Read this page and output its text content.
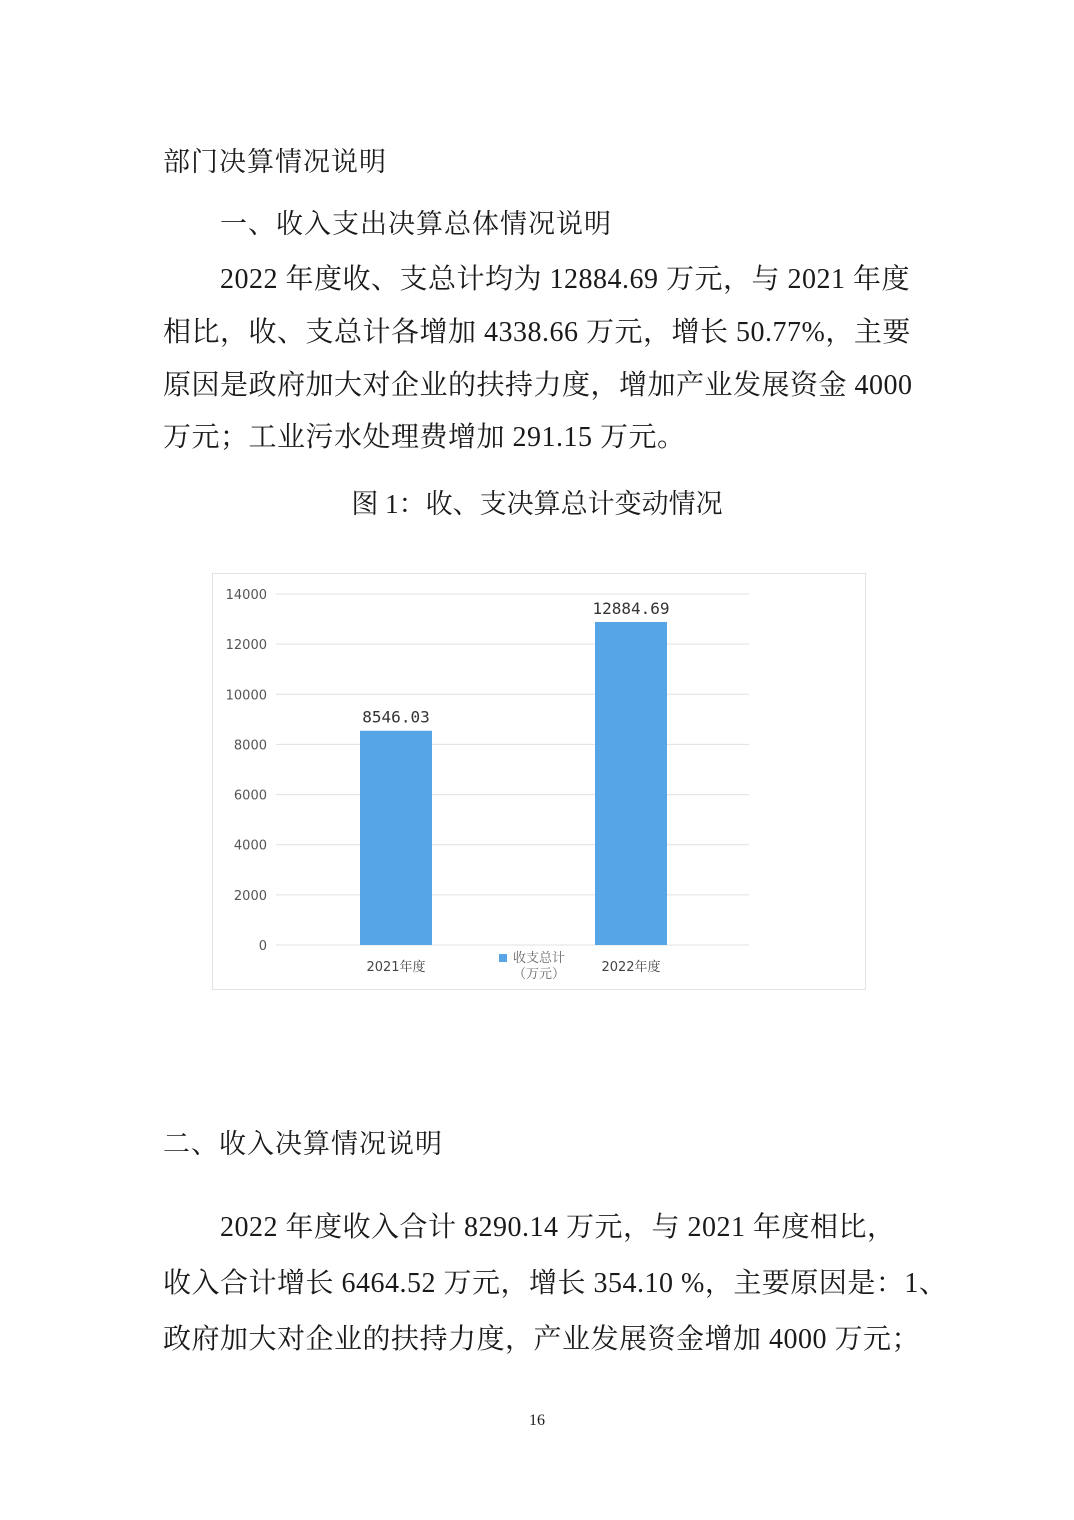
部门决算情况说明
一、收入支出决算总体情况说明
2022 年度收、支总计均为 12884.69 万元，与 2021 年度
相比，收、支总计各增加 4338.66 万元，增长 50.77%，主要
原因是政府加大对企业的扶持力度，增加产业发展资金 4000
万元；工业污水处理费增加 291.15 万元。
图 1：收、支决算总计变动情况
0
2000
4000
6000
8000
10000
12000
14000
8546.03
12884.69
2021年度	2022年度
收支总计
（万元）
二、收入决算情况说明
2022 年度收入合计 8290.14 万元，与 2021 年度相比，
收入合计增长 6464.52 万元，增长 354.10 %，主要原因是：1、
政府加大对企业的扶持力度，产业发展资金增加 4000 万元；
16
